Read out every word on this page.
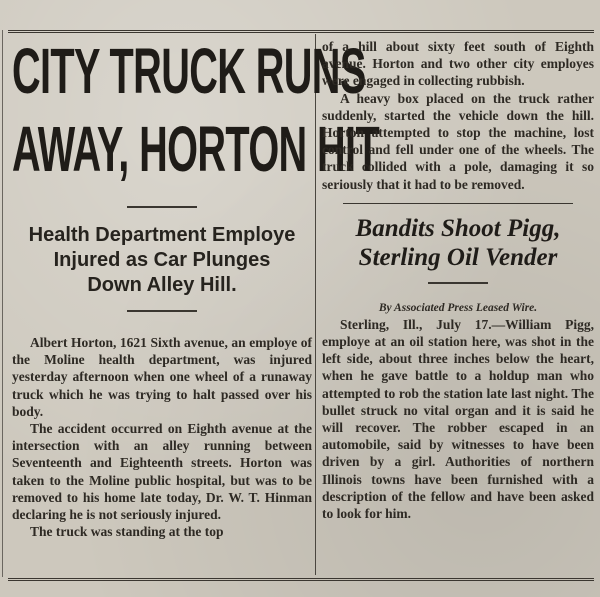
CITY TRUCK RUNS
AWAY, HORTON HIT
Health Department Employe
Injured as Car Plunges
Down Alley Hill.

Albert Horton, 1621 Sixth avenue, an employe of the Moline health department, was injured yesterday afternoon when one wheel of a runaway truck which he was trying to halt passed over his body.

The accident occurred on Eighth avenue at the intersection with an alley running between Seventeenth and Eighteenth streets. Horton was taken to the Moline public hospital, but was to be removed to his home late today, Dr. W. T. Hinman declaring he is not seriously injured.

The truck was standing at the top

of a hill about sixty feet south of Eighth avenue. Horton and two other city employes were engaged in collecting rubbish.

A heavy box placed on the truck rather suddenly, started the vehicle down the hill. Horton attempted to stop the machine, lost control and fell under one of the wheels. The truck collided with a pole, damaging it so seriously that it had to be removed.

Bandits Shoot Pigg,
Sterling Oil Vender
By Associated Press Leased Wire.

Sterling, Ill., July 17.—William Pigg, employe at an oil station here, was shot in the left side, about three inches below the heart, when he gave battle to a holdup man who attempted to rob the station late last night. The bullet struck no vital organ and it is said he will recover. The robber escaped in an automobile, said by witnesses to have been driven by a girl. Authorities of northern Illinois towns have been furnished with a description of the fellow and have been asked to look for him.
